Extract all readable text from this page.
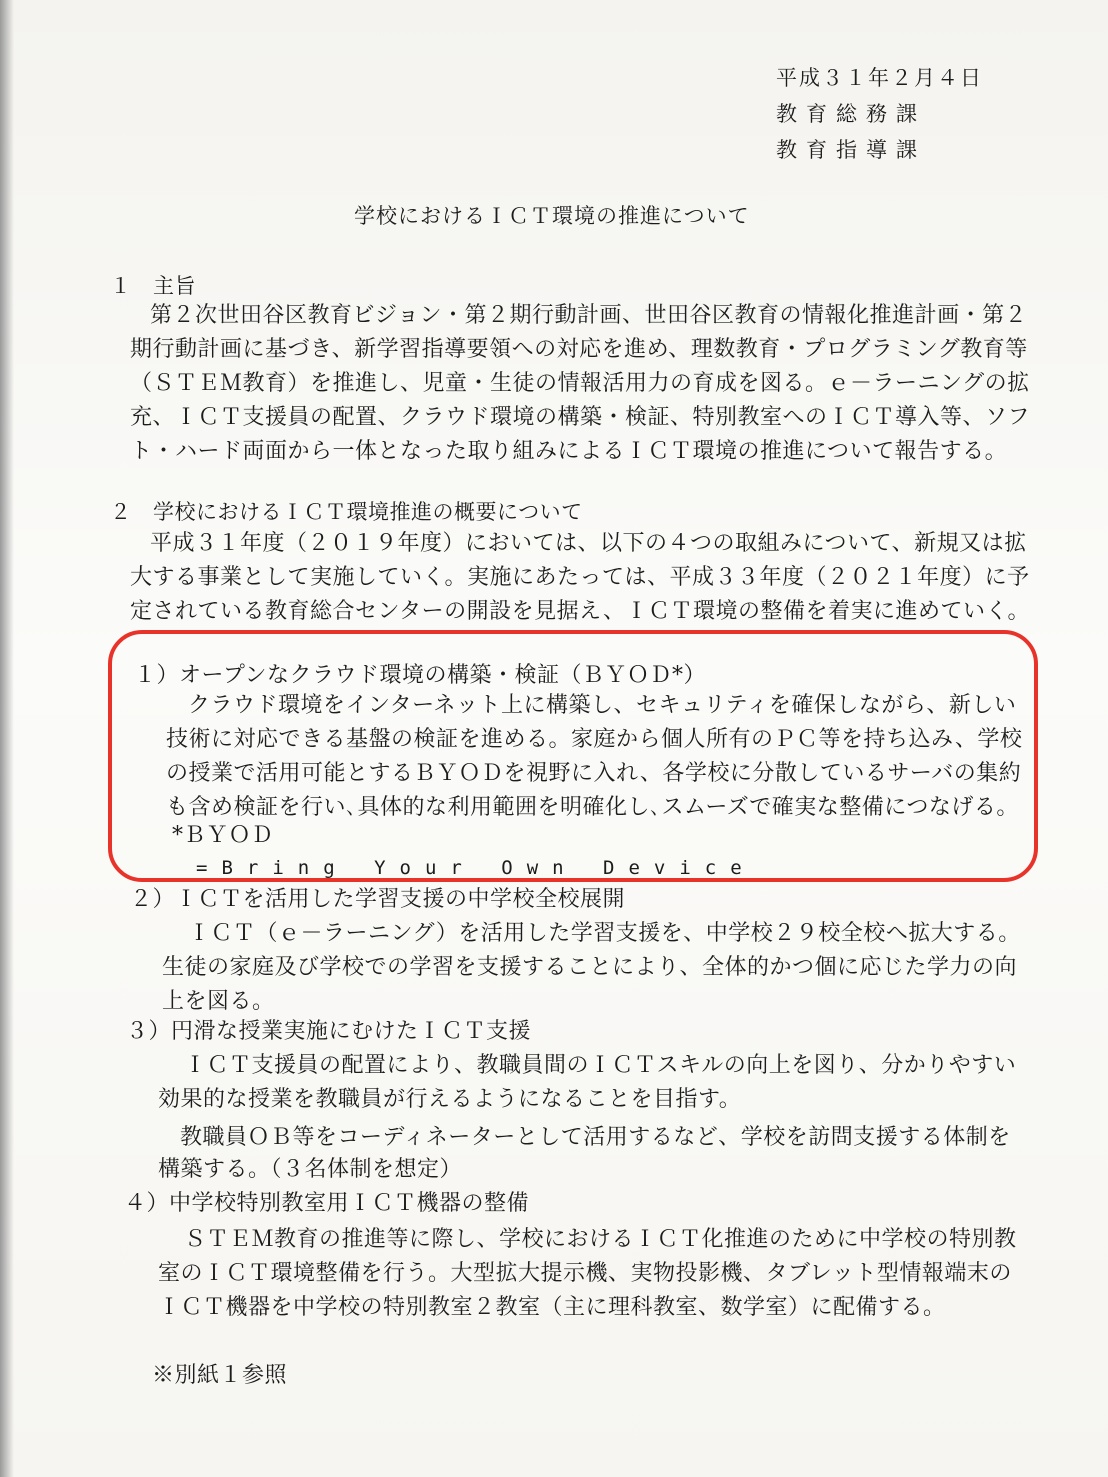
平成３１年２月４日
教育総務課
教育指導課
学校におけるＩＣＴ環境の推進について
１　主旨
第２次世田谷区教育ビジョン・第２期行動計画、世田谷区教育の情報化推進計画・第２
期行動計画に基づき、新学習指導要領への対応を進め、理数教育・プログラミング教育等
（ＳＴＥＭ教育）を推進し、児童・生徒の情報活用力の育成を図る。ｅ－ラーニングの拡
充、ＩＣＴ支援員の配置、クラウド環境の構築・検証、特別教室へのＩＣＴ導入等、ソフ
ト・ハード両面から一体となった取り組みによるＩＣＴ環境の推進について報告する。
２　学校におけるＩＣＴ環境推進の概要について
平成３１年度（２０１９年度）においては、以下の４つの取組みについて、新規又は拡
大する事業として実施していく。実施にあたっては、平成３３年度（２０２１年度）に予
定されている教育総合センターの開設を見据え、ＩＣＴ環境の整備を着実に進めていく。
１）オープンなクラウド環境の構築・検証（ＢＹＯＤ*）
クラウド環境をインターネット上に構築し、セキュリティを確保しながら、新しい
技術に対応できる基盤の検証を進める。家庭から個人所有のＰＣ等を持ち込み、学校
の授業で活用可能とするＢＹＯＤを視野に入れ、各学校に分散しているサーバの集約
も含め検証を行い､具体的な利用範囲を明確化し､スムーズで確実な整備につなげる。
*ＢＹＯＤ
=Bring Your Own Device
２）ＩＣＴを活用した学習支援の中学校全校展開
ＩＣＴ（ｅ－ラーニング）を活用した学習支援を、中学校２９校全校へ拡大する。
生徒の家庭及び学校での学習を支援することにより、全体的かつ個に応じた学力の向
上を図る。
３）円滑な授業実施にむけたＩＣＴ支援
ＩＣＴ支援員の配置により、教職員間のＩＣＴスキルの向上を図り、分かりやすい
効果的な授業を教職員が行えるようになることを目指す。
教職員ＯＢ等をコーディネーターとして活用するなど、学校を訪問支援する体制を
構築する。（３名体制を想定）
４）中学校特別教室用ＩＣＴ機器の整備
ＳＴＥＭ教育の推進等に際し、学校におけるＩＣＴ化推進のために中学校の特別教
室のＩＣＴ環境整備を行う。大型拡大提示機、実物投影機、タブレット型情報端末の
ＩＣＴ機器を中学校の特別教室２教室（主に理科教室、数学室）に配備する。
※別紙１参照
